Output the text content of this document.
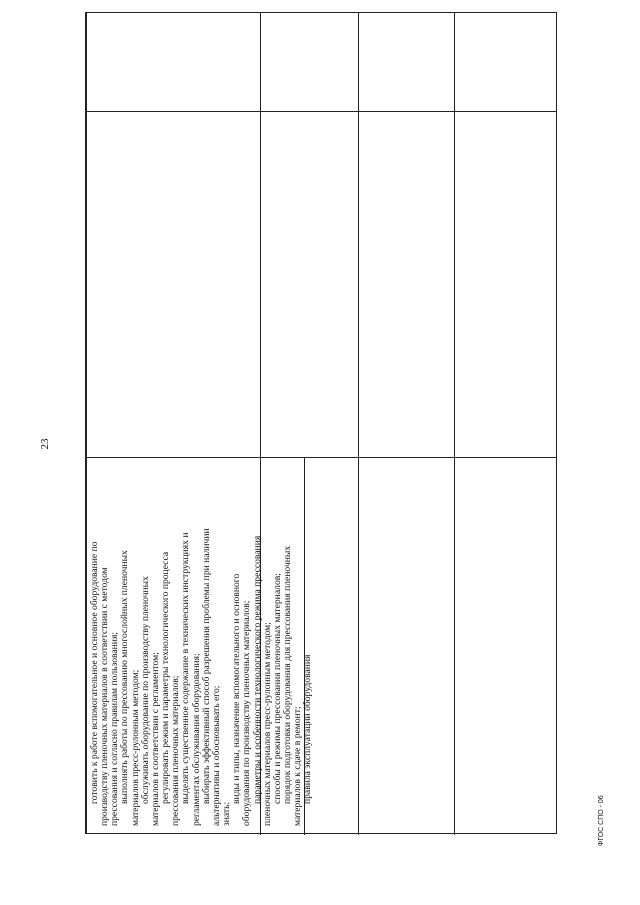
23

готовить к работе вспомогательное и основное оборудование по производству пленочных материалов в соответствии с методом прессования и согласно правилам пользования; выполнять работы по прессованию многослойных пленочных материалов пресс-рулонным методом; обслуживать оборудование по производству пленочных материалов в соответствии с регламентом; регулировать режим и параметры технологического процесса прессования пленочных материалов; выделять существенное содержание в технических инструкциях и регламентах обслуживания оборудования; выбирать эффективный способ разрешения проблемы при наличии альтернативы и обосновывать его; знать:

виды и типы, назначение вспомогательного и основного оборудования по производству пленочных материалов; параметры и особенности технологического режима прессования пленочных материалов пресс-рулонным методом; способы и режимы прессования пленочных материалов; порядок подготовки оборудования для прессования пленочных материалов к сдаче в ремонт; правила эксплуатации оборудования

ФГОС СПО - 06
